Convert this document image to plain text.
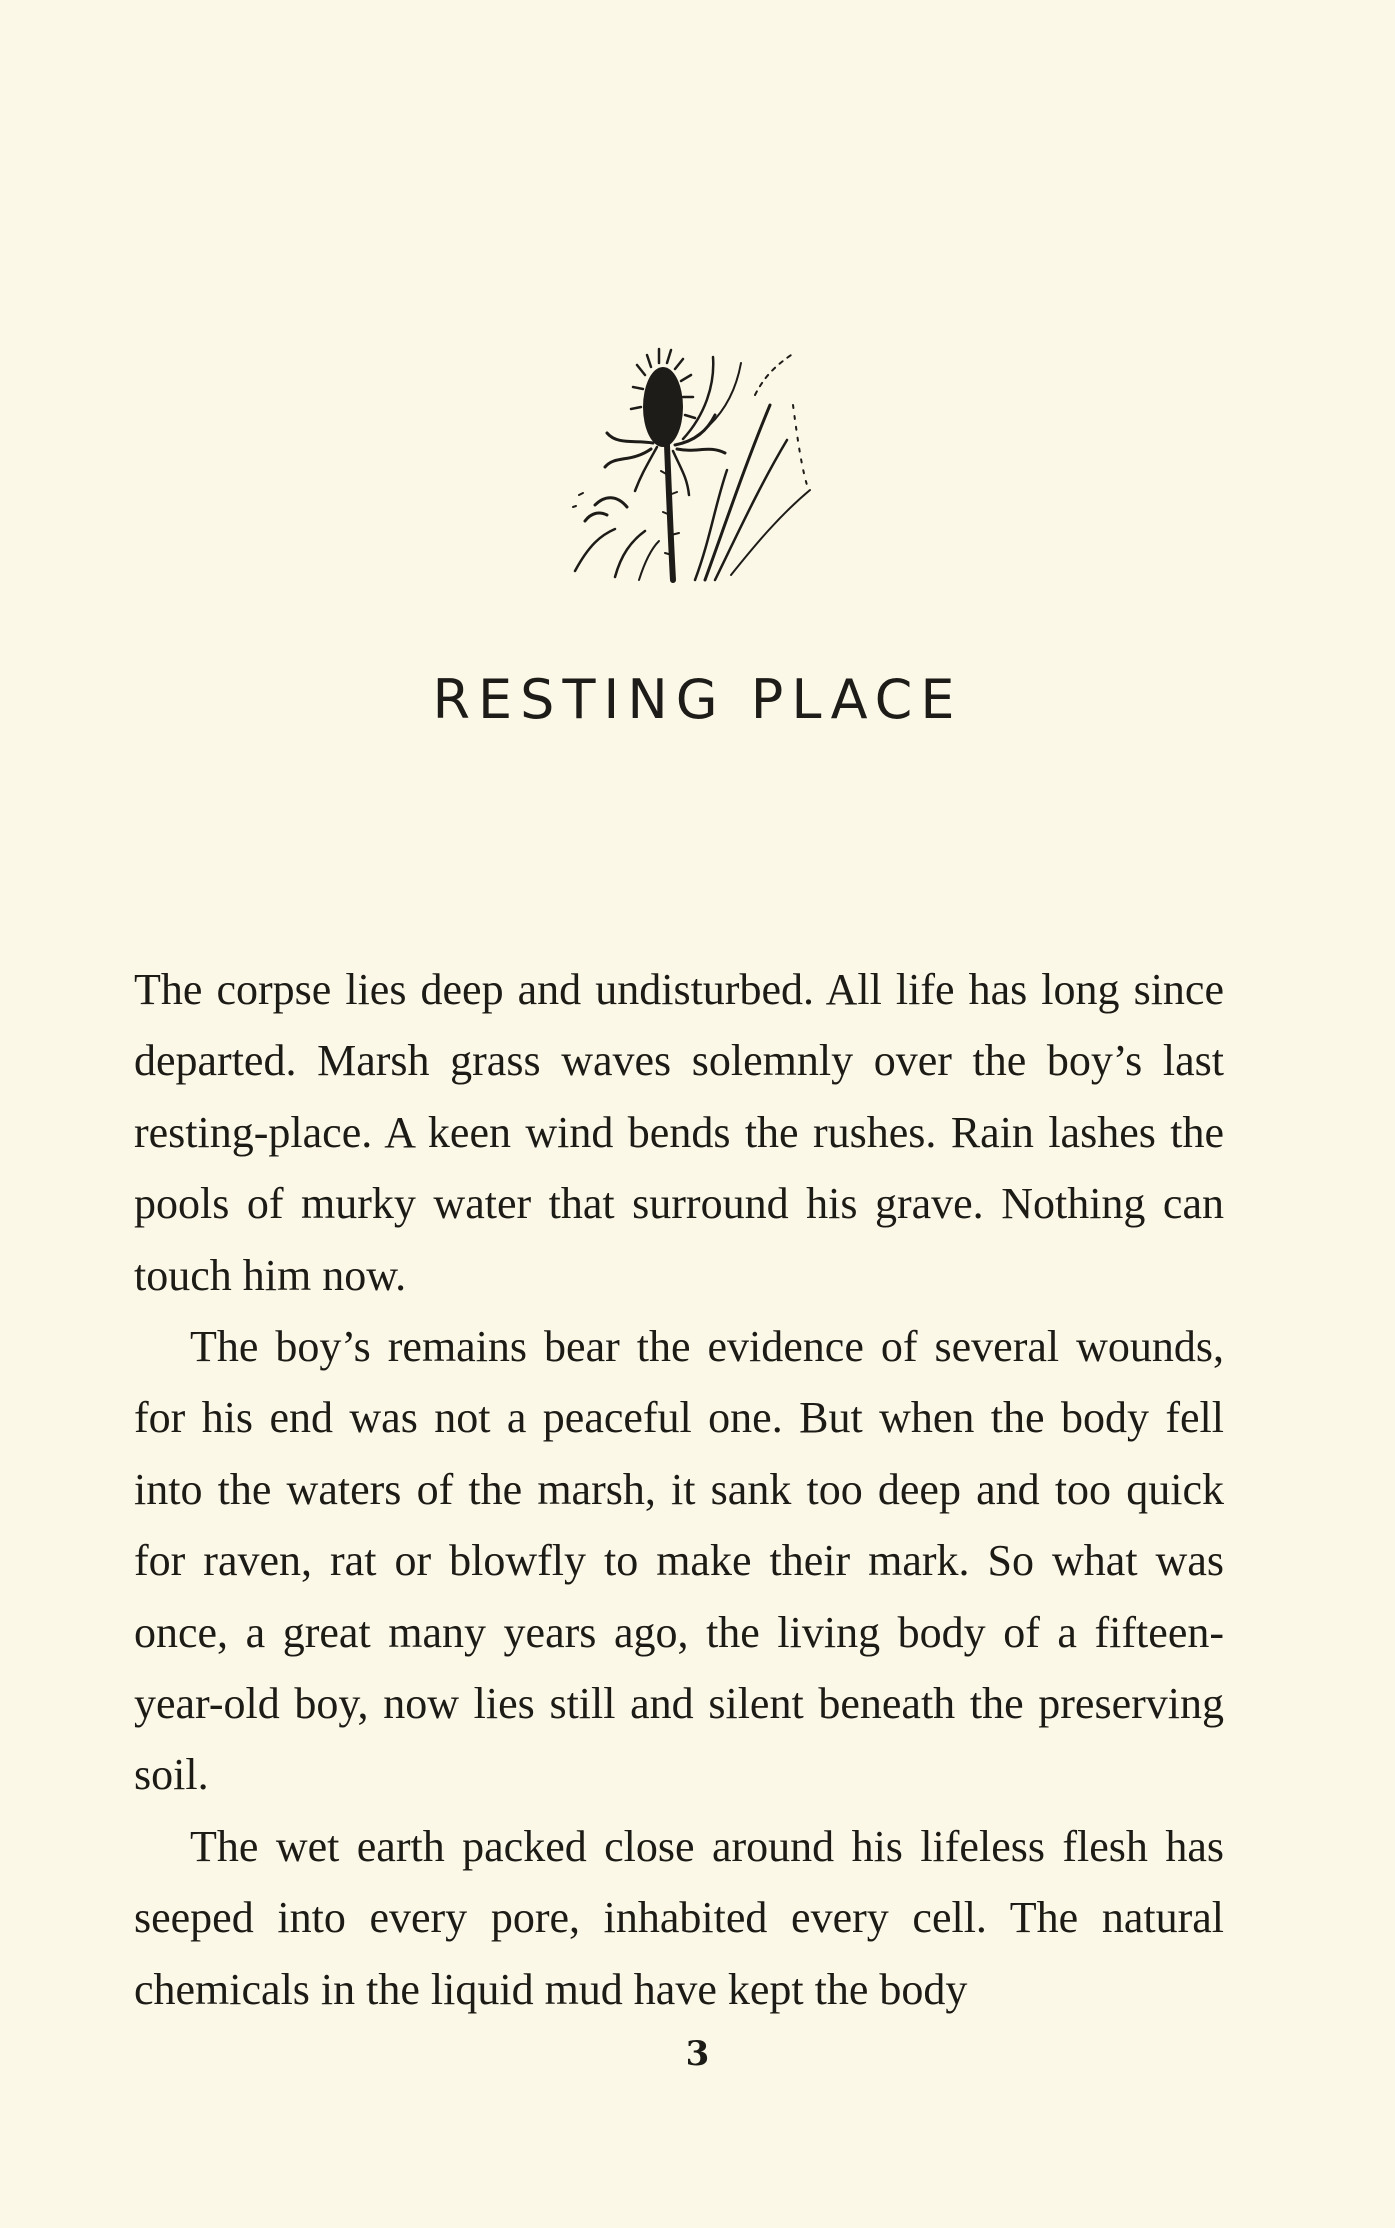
RESTING PLACE

The corpse lies deep and undisturbed. All life has long since departed. Marsh grass waves solemnly over the boy’s last resting-place. A keen wind bends the rushes. Rain lashes the pools of murky water that surround his grave. Nothing can touch him now.

The boy’s remains bear the evidence of several wounds, for his end was not a peaceful one. But when the body fell into the waters of the marsh, it sank too deep and too quick for raven, rat or blowfly to make their mark. So what was once, a great many years ago, the living body of a fifteen-year-old boy, now lies still and silent beneath the preserving soil.

The wet earth packed close around his lifeless flesh has seeped into every pore, inhabited every cell. The natural chemicals in the liquid mud have kept the body

3
